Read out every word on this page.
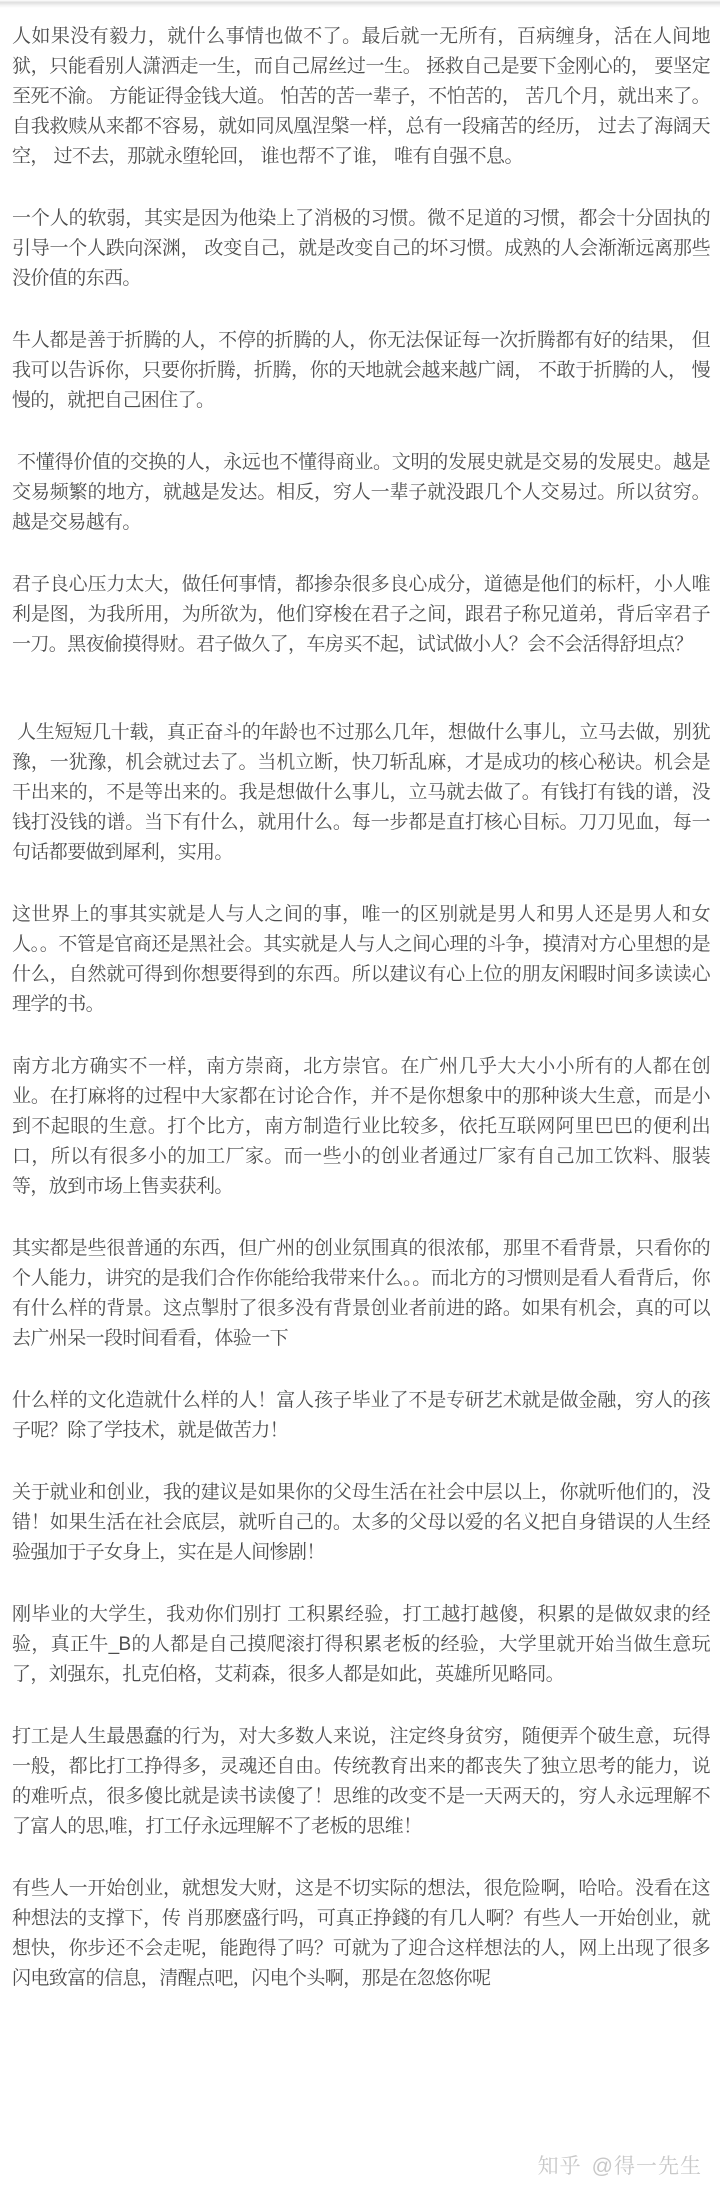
人如果没有毅力，就什么事情也做不了。最后就一无所有，百病缠身，活在人间地狱，只能看别人潇洒走一生，而自己屌丝过一生。 拯救自己是要下金刚心的， 要坚定至死不渝。 方能证得金钱大道。 怕苦的苦一辈子，不怕苦的， 苦几个月，就出来了。自我救赎从来都不容易，就如同凤凰涅槃一样，总有一段痛苦的经历， 过去了海阔天空， 过不去，那就永堕轮回， 谁也帮不了谁， 唯有自强不息。

一个人的软弱，其实是因为他染上了消极的习惯。微不足道的习惯，都会十分固执的引导一个人跌向深渊， 改变自己，就是改变自己的坏习惯。成熟的人会渐渐远离那些没价值的东西。

牛人都是善于折腾的人，不停的折腾的人，你无法保证每一次折腾都有好的结果， 但我可以告诉你，只要你折腾，折腾，你的天地就会越来越广阔， 不敢于折腾的人， 慢慢的，就把自己困住了。

不懂得价值的交换的人，永远也不懂得商业。文明的发展史就是交易的发展史。越是交易频繁的地方，就越是发达。相反，穷人一辈子就没跟几个人交易过。所以贫穷。 越是交易越有。

君子良心压力太大，做任何事情，都掺杂很多良心成分，道德是他们的标杆，小人唯利是图，为我所用，为所欲为，他们穿梭在君子之间，跟君子称兄道弟，背后宰君子一刀。黑夜偷摸得财。君子做久了，车房买不起，试试做小人？会不会活得舒坦点？

人生短短几十载，真正奋斗的年龄也不过那么几年，想做什么事儿，立马去做，别犹豫，一犹豫，机会就过去了。当机立断，快刀斩乱麻，才是成功的核心秘诀。机会是干出来的，不是等出来的。我是想做什么事儿，立马就去做了。有钱打有钱的谱，没钱打没钱的谱。当下有什么，就用什么。每一步都是直打核心目标。刀刀见血，每一句话都要做到犀利，实用。

这世界上的事其实就是人与人之间的事，唯一的区别就是男人和男人还是男人和女人。。不管是官商还是黑社会。其实就是人与人之间心理的斗争，摸清对方心里想的是什么，自然就可得到你想要得到的东西。所以建议有心上位的朋友闲暇时间多读读心理学的书。

南方北方确实不一样，南方崇商，北方崇官。在广州几乎大大小小所有的人都在创业。在打麻将的过程中大家都在讨论合作，并不是你想象中的那种谈大生意，而是小到不起眼的生意。打个比方，南方制造行业比较多，依托互联网阿里巴巴的便利出口，所以有很多小的加工厂家。而一些小的创业者通过厂家有自己加工饮料、服装等，放到市场上售卖获利。

其实都是些很普通的东西，但广州的创业氛围真的很浓郁，那里不看背景，只看你的个人能力，讲究的是我们合作你能给我带来什么。。而北方的习惯则是看人看背后，你有什么样的背景。这点掣肘了很多没有背景创业者前进的路。如果有机会，真的可以去广州呆一段时间看看，体验一下

什么样的文化造就什么样的人！富人孩子毕业了不是专研艺术就是做金融，穷人的孩子呢？除了学技术，就是做苦力！

关于就业和创业，我的建议是如果你的父母生活在社会中层以上，你就听他们的，没错！如果生活在社会底层，就听自己的。太多的父母以爱的名义把自身错误的人生经验强加于子女身上，实在是人间惨剧！

刚毕业的大学生，我劝你们别打 工积累经验，打工越打越傻，积累的是做奴隶的经验，真正牛_B的人都是自己摸爬滚打得积累老板的经验，大学里就开始当做生意玩了，刘强东，扎克伯格，艾莉森，很多人都是如此，英雄所见略同。

打工是人生最愚蠢的行为，对大多数人来说，注定终身贫穷，随便弄个破生意，玩得一般，都比打工挣得多，灵魂还自由。传统教育出来的都丧失了独立思考的能力，说的难听点，很多傻比就是读书读傻了！思维的改变不是一天两天的，穷人永远理解不了富人的思,唯，打工仔永远理解不了老板的思维！

有些人一开始创业，就想发大财，这是不切实际的想法，很危险啊，哈哈。没看在这种想法的支撑下，传 肖那麽盛行吗，可真正挣錢的有几人啊？有些人一开始创业，就想快，你步还不会走呢，能跑得了吗？可就为了迎合这样想法的人，网上出现了很多闪电致富的信息，清醒点吧，闪电个头啊，那是在忽悠你呢

知乎 @得一先生
